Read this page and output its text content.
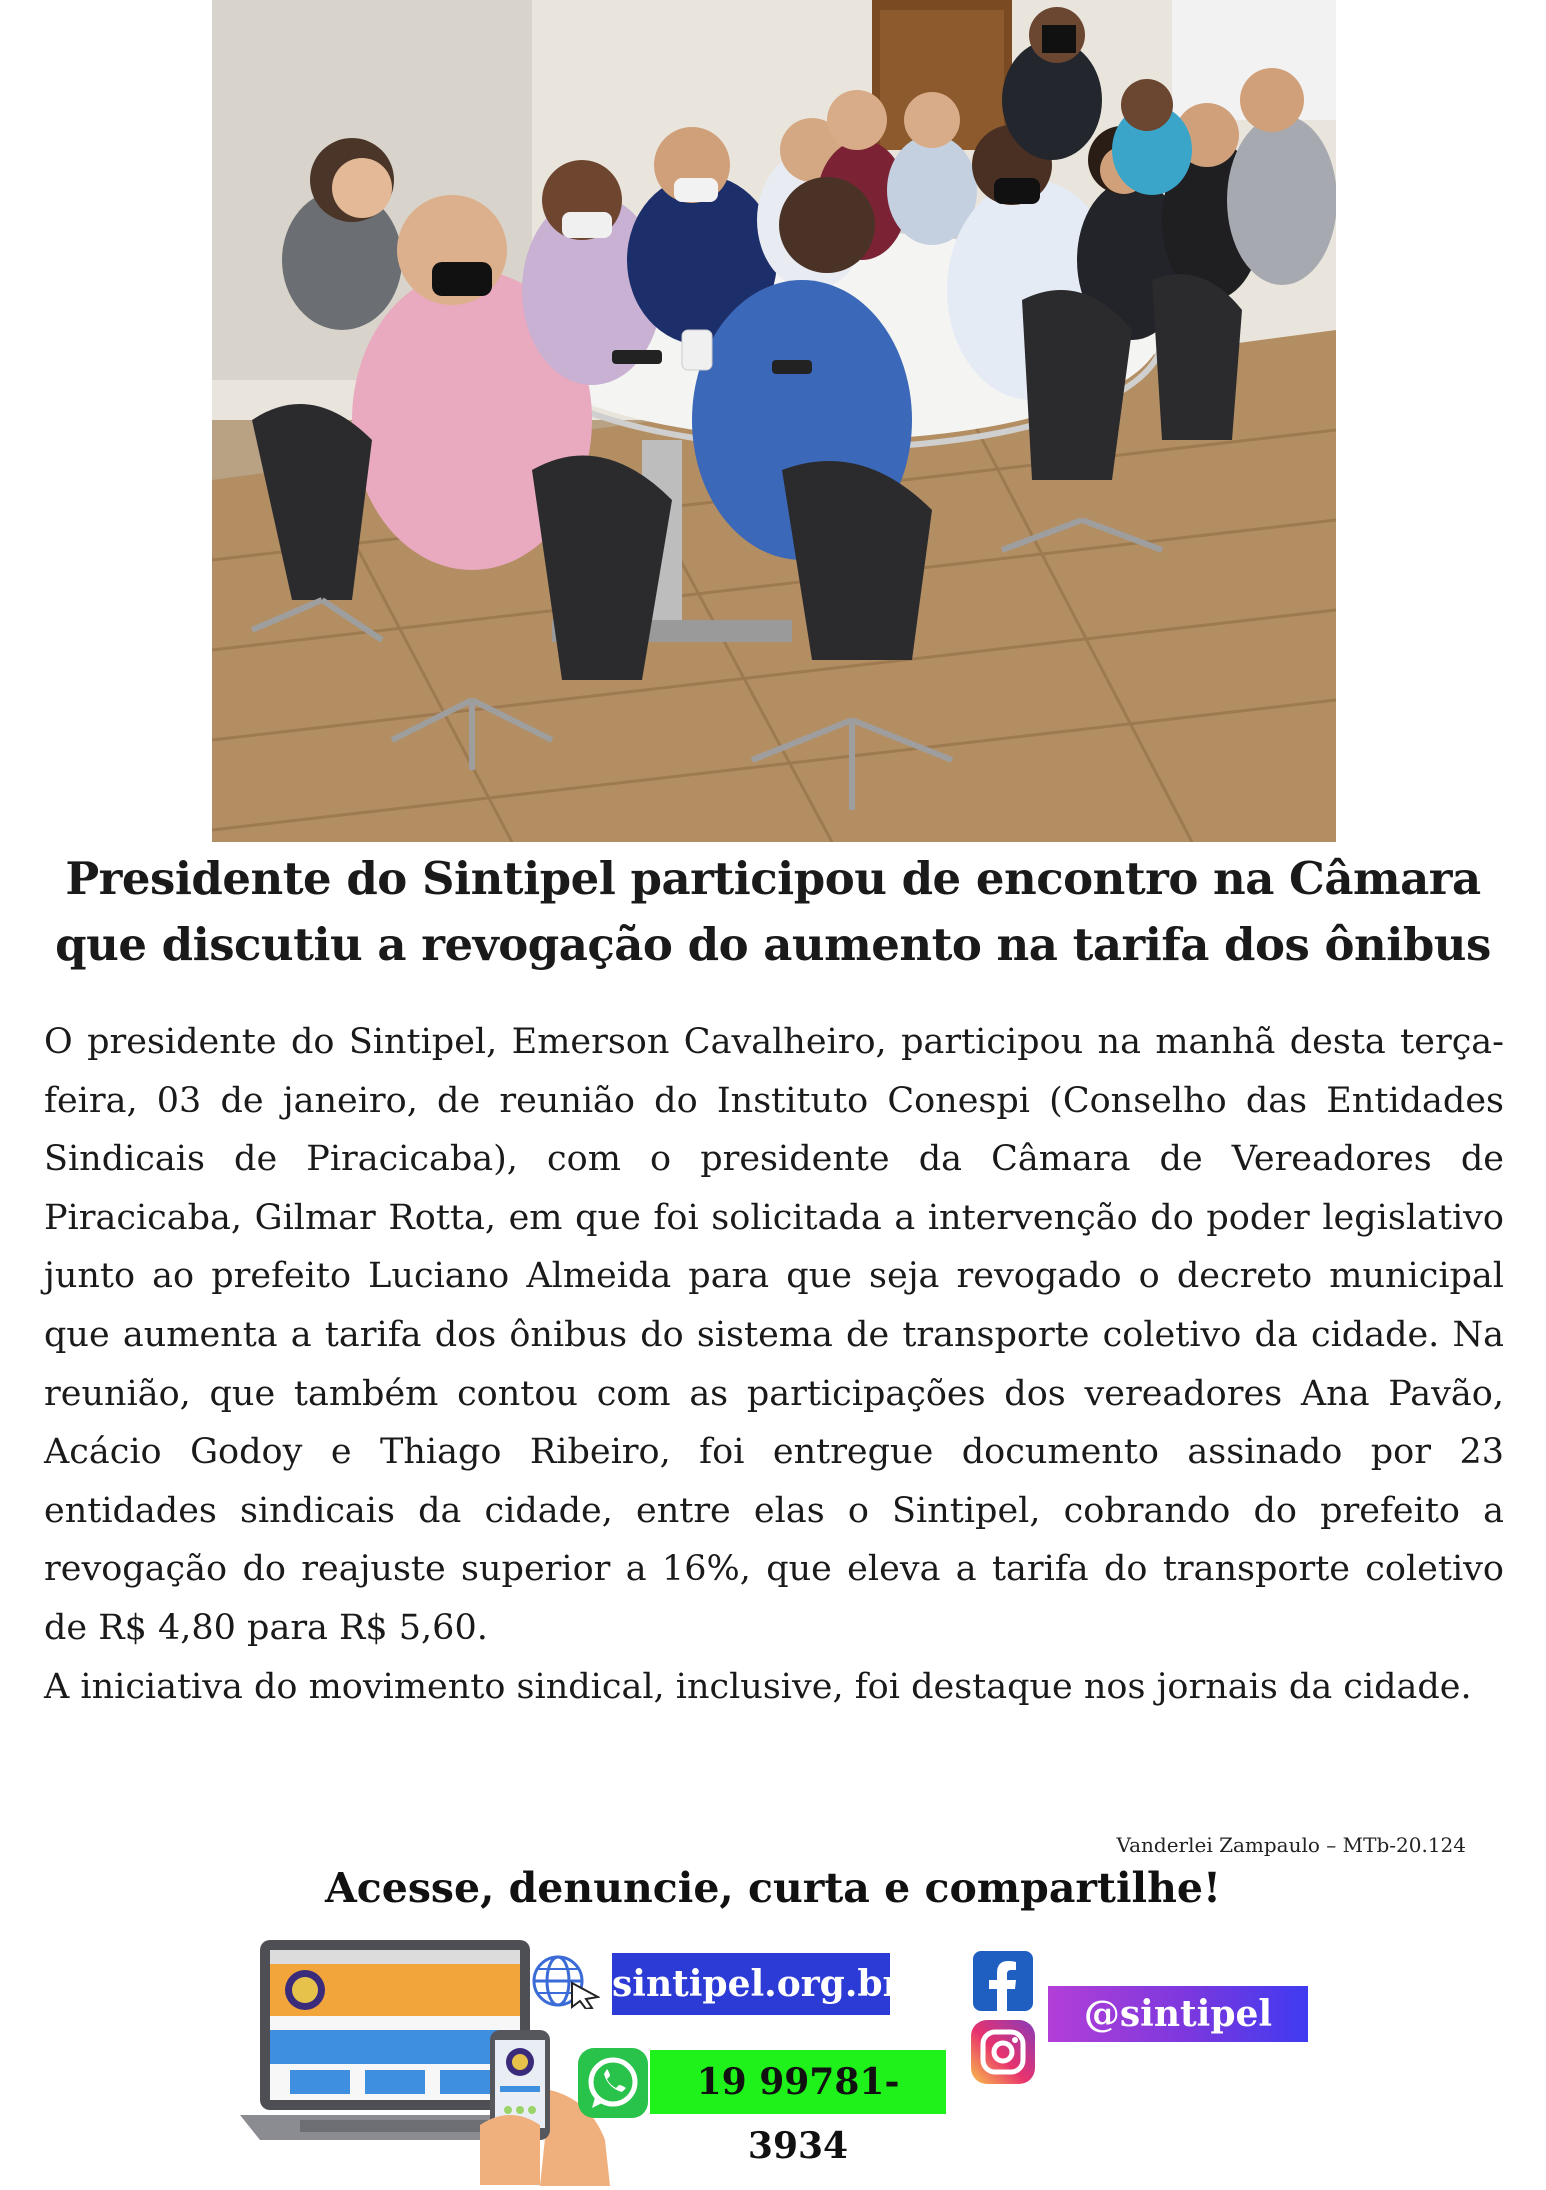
Presidente do Sintipel participou de encontro na Câmara
que discutiu a revogação do aumento na tarifa dos ônibus

O presidente do Sintipel, Emerson Cavalheiro, participou na manhã desta terça-feira, 03 de janeiro, de reunião do Instituto Conespi (Conselho das Entidades Sindicais de Piracicaba), com o presidente da Câmara de Vereadores de Piracicaba, Gilmar Rotta, em que foi solicitada a intervenção do poder legislativo junto ao prefeito Luciano Almeida para que seja revogado o decreto municipal que aumenta a tarifa dos ônibus do sistema de transporte coletivo da cidade. Na reunião, que também contou com as participações dos vereadores Ana Pavão, Acácio Godoy e Thiago Ribeiro, foi entregue documento assinado por 23 entidades sindicais da cidade, entre elas o Sintipel, cobrando do prefeito a revogação do reajuste superior a 16%, que eleva a tarifa do transporte coletivo de R$ 4,80 para R$ 5,60.

A iniciativa do movimento sindical, inclusive, foi destaque nos jornais da cidade.

Vanderlei Zampaulo – MTb-20.124
Acesse, denuncie, curta e compartilhe!
sintipel.org.br
19 99781-3934
@sintipel
